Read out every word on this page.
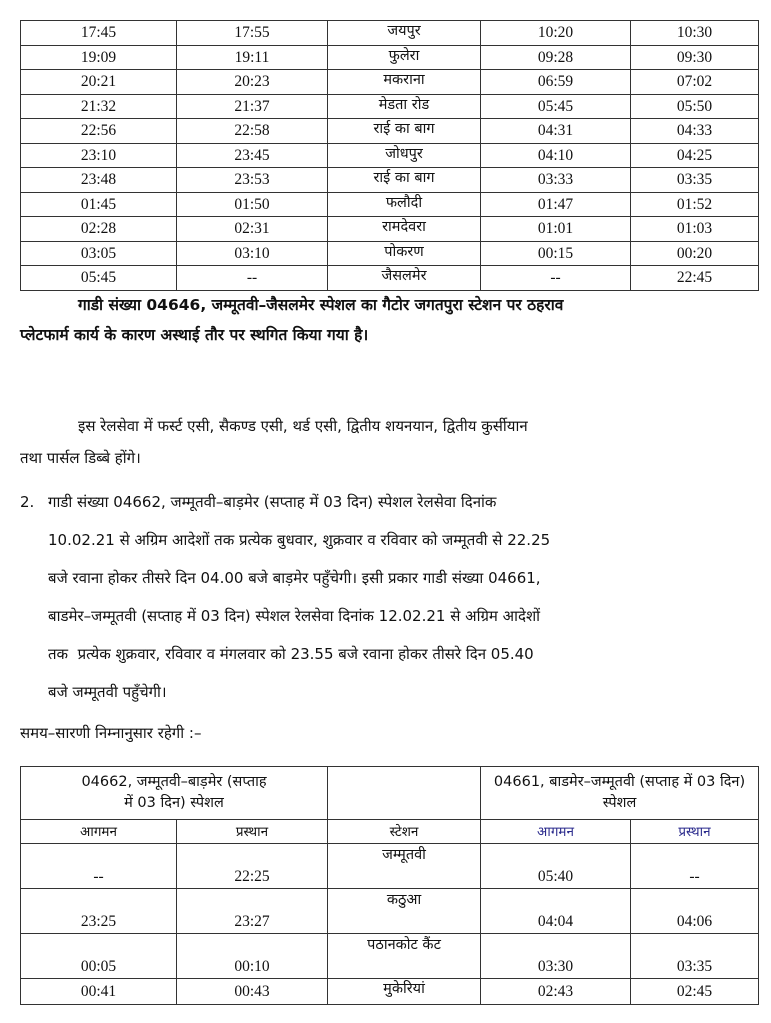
17:45	17:55	जयपुर	10:20	10:30
19:09	19:11	फुलेरा	09:28	09:30
20:21	20:23	मकराना	06:59	07:02
21:32	21:37	मेडता रोड	05:45	05:50
22:56	22:58	राई का बाग	04:31	04:33
23:10	23:45	जोधपुर	04:10	04:25
23:48	23:53	राई का बाग	03:33	03:35
01:45	01:50	फलौदी	01:47	01:52
02:28	02:31	रामदेवरा	01:01	01:03
03:05	03:10	पोकरण	00:15	00:20
05:45	--	जैसलमेर	--	22:45
गाडी संख्या 04646, जम्मूतवी–जैसलमेर स्पेशल का गैटोर जगतपुरा स्टेशन पर ठहराव
प्लेटफार्म कार्य के कारण अस्थाई तौर पर स्थगित किया गया है।
इस रेलसेवा में फर्स्ट एसी, सैकण्ड एसी, थर्ड एसी, द्वितीय शयनयान, द्वितीय कुर्सीयान
तथा पार्सल डिब्बे होंगे।
2. गाडी संख्या 04662, जम्मूतवी–बाड़मेर (सप्ताह में 03 दिन) स्पेशल रेलसेवा दिनांक
10.02.21 से अग्रिम आदेशों तक प्रत्येक बुधवार, शुक्रवार व रविवार को जम्मूतवी से 22.25
बजे रवाना होकर तीसरे दिन 04.00 बजे बाड़मेर पहुँचेगी। इसी प्रकार गाडी संख्या 04661,
बाडमेर–जम्मूतवी (सप्ताह में 03 दिन) स्पेशल रेलसेवा दिनांक 12.02.21 से अग्रिम आदेशों
तक  प्रत्येक शुक्रवार, रविवार व मंगलवार को 23.55 बजे रवाना होकर तीसरे दिन 05.40
बजे जम्मूतवी पहुँचेगी।
समय–सारणी निम्नानुसार रहेगी :–
04662, जम्मूतवी–बाड़मेर (सप्ताह में 03 दिन) स्पेशल			04661, बाडमेर–जम्मूतवी (सप्ताह में 03 दिन) स्पेशल	
आगमन	प्रस्थान	स्टेशन	आगमन	प्रस्थान
--	22:25	जम्मूतवी	05:40	--
23:25	23:27	कठुआ	04:04	04:06
00:05	00:10	पठानकोट कैंट	03:30	03:35
00:41	00:43	मुकेरियां	02:43	02:45
